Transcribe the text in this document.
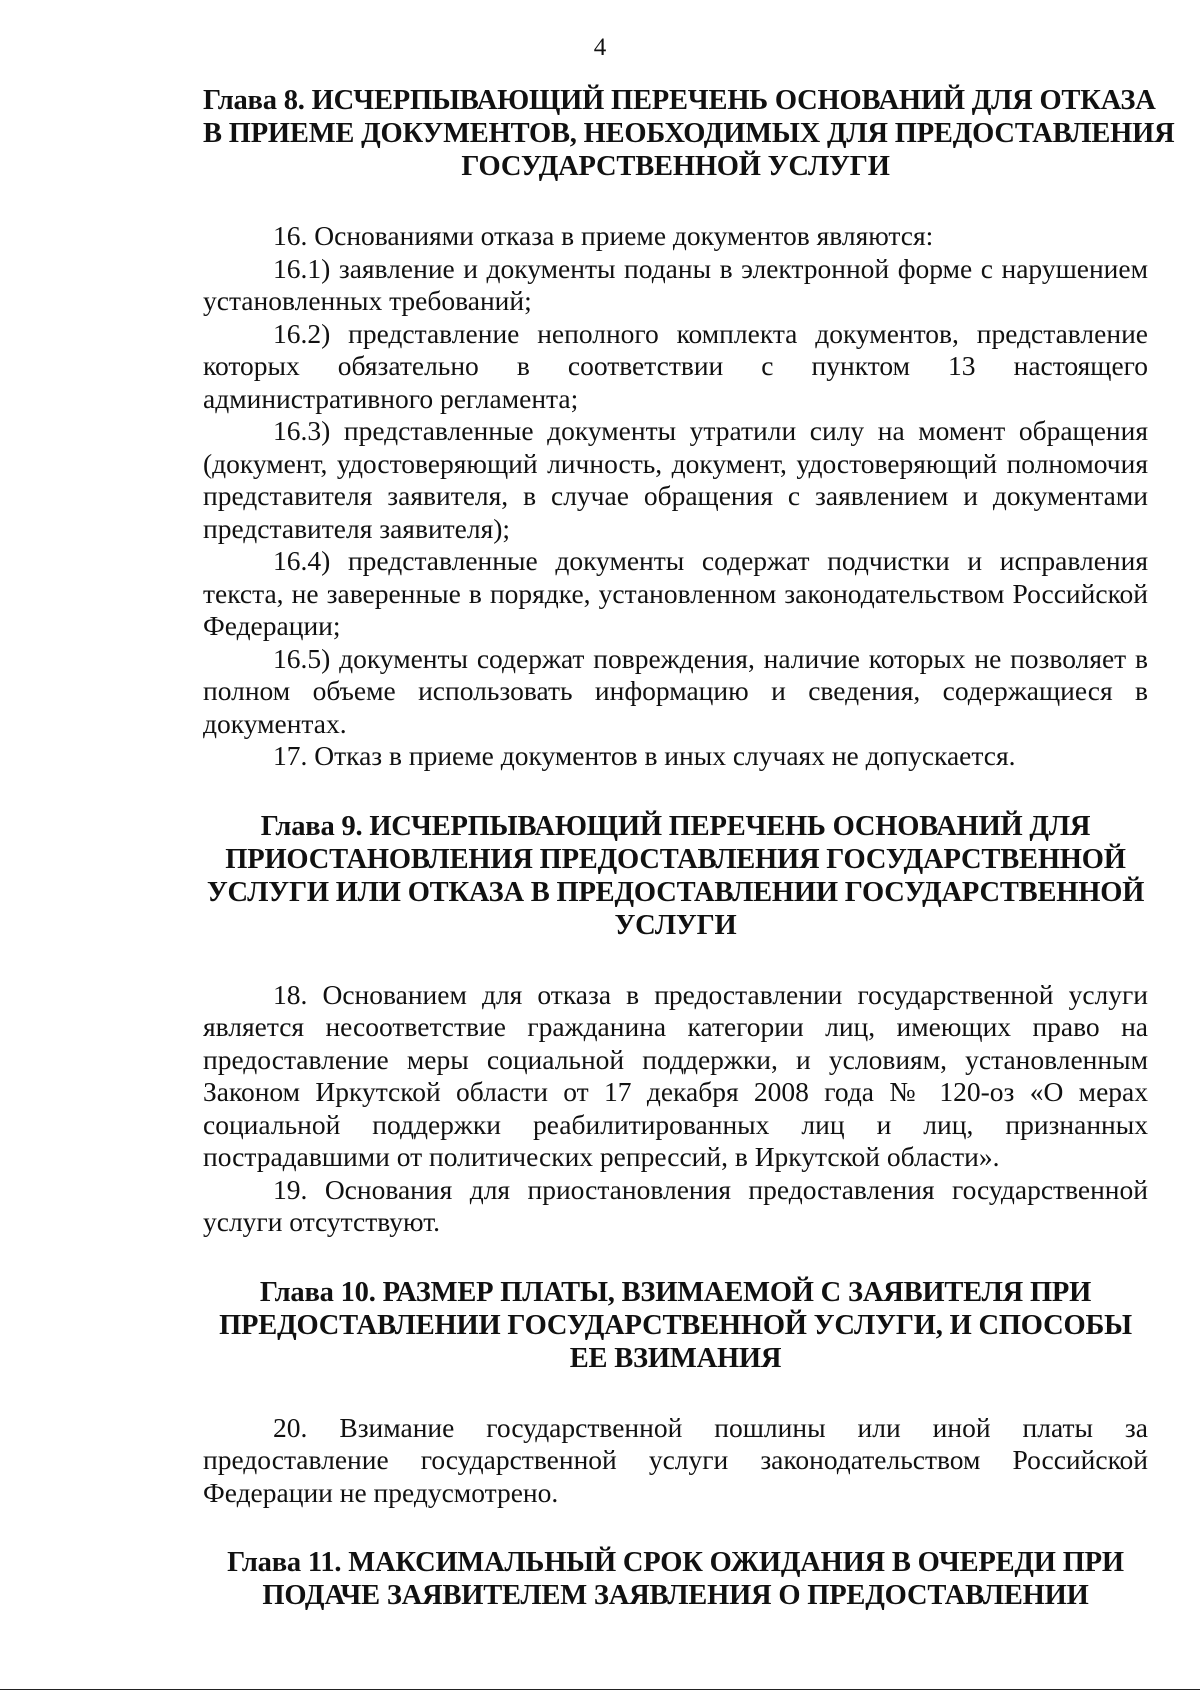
4
Глава 8. ИСЧЕРПЫВАЮЩИЙ ПЕРЕЧЕНЬ ОСНОВАНИЙ ДЛЯ ОТКАЗА
В ПРИЕМЕ ДОКУМЕНТОВ, НЕОБХОДИМЫХ ДЛЯ ПРЕДОСТАВЛЕНИЯ
ГОСУДАРСТВЕННОЙ УСЛУГИ

16. Основаниями отказа в приеме документов являются:

16.1) заявление и документы поданы в электронной форме с нарушением установленных требований;

16.2) представление неполного комплекта документов, представление которых обязательно в соответствии с пунктом 13 настоящего административного регламента;

16.3) представленные документы утратили силу на момент обращения (документ, удостоверяющий личность, документ, удостоверяющий полномочия представителя заявителя, в случае обращения с заявлением и документами представителя заявителя);

16.4) представленные документы содержат подчистки и исправления текста, не заверенные в порядке, установленном законодательством Российской Федерации;

16.5) документы содержат повреждения, наличие которых не позволяет в полном объеме использовать информацию и сведения, содержащиеся в документах.

17. Отказ в приеме документов в иных случаях не допускается.

Глава 9. ИСЧЕРПЫВАЮЩИЙ ПЕРЕЧЕНЬ ОСНОВАНИЙ ДЛЯ
ПРИОСТАНОВЛЕНИЯ ПРЕДОСТАВЛЕНИЯ ГОСУДАРСТВЕННОЙ
УСЛУГИ ИЛИ ОТКАЗА В ПРЕДОСТАВЛЕНИИ ГОСУДАРСТВЕННОЙ
УСЛУГИ

18. Основанием для отказа в предоставлении государственной услуги является несоответствие гражданина категории лиц, имеющих право на предоставление меры социальной поддержки, и условиям, установленным Законом Иркутской области от 17 декабря 2008 года № 120-оз «О мерах социальной поддержки реабилитированных лиц и лиц, признанных пострадавшими от политических репрессий, в Иркутской области».

19. Основания для приостановления предоставления государственной услуги отсутствуют.

Глава 10. РАЗМЕР ПЛАТЫ, ВЗИМАЕМОЙ С ЗАЯВИТЕЛЯ ПРИ
ПРЕДОСТАВЛЕНИИ ГОСУДАРСТВЕННОЙ УСЛУГИ, И СПОСОБЫ
ЕЕ ВЗИМАНИЯ

20. Взимание государственной пошлины или иной платы за предоставление государственной услуги законодательством Российской Федерации не предусмотрено.

Глава 11. МАКСИМАЛЬНЫЙ СРОК ОЖИДАНИЯ В ОЧЕРЕДИ ПРИ
ПОДАЧЕ ЗАЯВИТЕЛЕМ ЗАЯВЛЕНИЯ О ПРЕДОСТАВЛЕНИИ
